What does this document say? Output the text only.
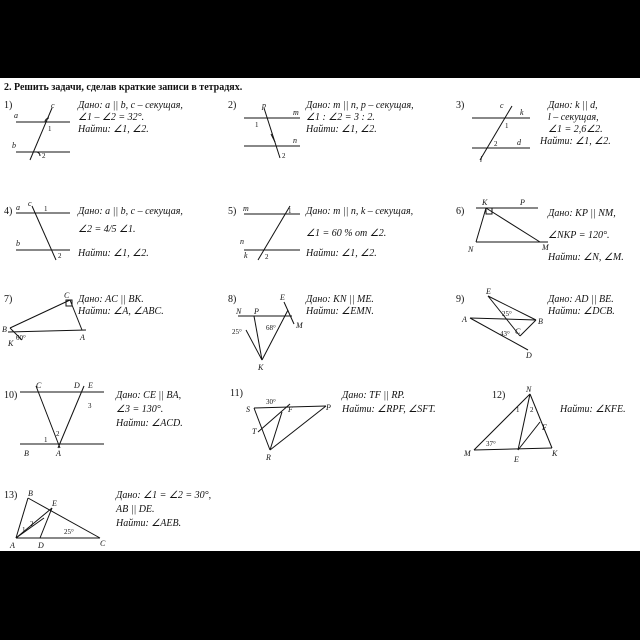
a
b
c
1
2
p
m
n
1
2
c
k
l
d
1
2
a c
b
1
2
m
n
k
1
2
K	P
N	M
C
B
K
A
60°
E
N P
M
K
25°	68°
E
A	B
C
D
25°
43°
C	D E
3
1
2
B	A
S
30°
F	P
T
R
N
1 2
F
M
37°
E
K
B
E
1
2
25°
A	D	C
2. Решить задачи, сделав краткие записи в тетрадях.
1)	Дано: a || b, c – секущая,
∠1 – ∠2 = 32°.
Найти: ∠1, ∠2.
2)	Дано: m || n, p – секущая,
∠1 : ∠2 = 3 : 2.
Найти: ∠1, ∠2.
3)	Дано: k || d,
l – секущая,
∠1 = 2,6∠2.
Найти: ∠1, ∠2.
4)	Дано: a || b, c – секущая,
∠2 = 4/5 ∠1.
Найти: ∠1, ∠2.
5)	Дано: m || n, k – секущая,
∠1 = 60 % от ∠2.
Найти: ∠1, ∠2.
6)	Дано: KP || NM,
∠NKP = 120°.
Найти: ∠N, ∠M.
7)	Дано: AC || BK.
Найти: ∠A, ∠ABC.
8)	Дано: KN || ME.
Найти: ∠EMN.
9)	Дано: AD || BE.
Найти: ∠DCB.
10)	Дано: CE || BA,
∠3 = 130°.
Найти: ∠ACD.
11)	Дано: TF || RP.
Найти: ∠RPF, ∠SFT.
12)
Найти: ∠KFE.
13)	Дано: ∠1 = ∠2 = 30°,
AB || DE.
Найти: ∠AEB.
